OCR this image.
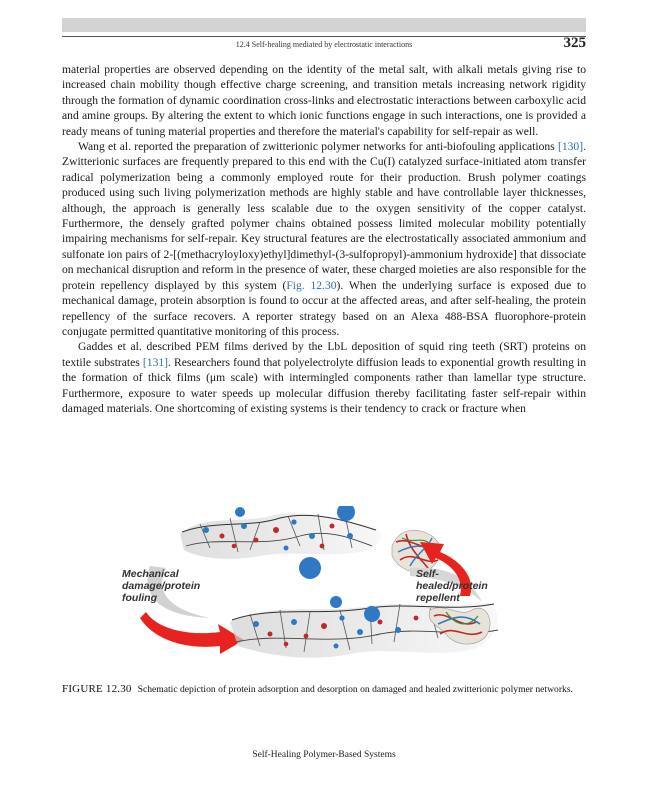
12.4 Self-healing mediated by electrostatic interactions	325

material properties are observed depending on the identity of the metal salt, with alkali metals giving rise to increased chain mobility though effective charge screening, and transition metals increasing network rigidity through the formation of dynamic coordination cross-links and electrostatic interactions between carboxylic acid and amine groups. By altering the extent to which ionic functions engage in such interactions, one is provided a ready means of tuning material properties and therefore the material's capability for self-repair as well.

Wang et al. reported the preparation of zwitterionic polymer networks for anti-biofouling applications [130]. Zwitterionic surfaces are frequently prepared to this end with the Cu(I) catalyzed surface-initiated atom transfer radical polymerization being a commonly employed route for their production. Brush polymer coatings produced using such living polymerization methods are highly stable and have controllable layer thicknesses, although, the approach is generally less scalable due to the oxygen sensitivity of the copper catalyst. Furthermore, the densely grafted polymer chains obtained possess limited molecular mobility potentially impairing mechanisms for self-repair. Key structural features are the electrostatically associated ammonium and sulfonate ion pairs of 2-[(methacryloyloxy)ethyl]dimethyl-(3-sulfopropyl)-ammonium hydroxide] that dissociate on mechanical disruption and reform in the presence of water, these charged moieties are also responsible for the protein repellency displayed by this system (Fig. 12.30). When the underlying surface is exposed due to mechanical damage, protein absorption is found to occur at the affected areas, and after self-healing, the protein repellency of the surface recovers. A reporter strategy based on an Alexa 488-BSA fluorophore-protein conjugate permitted quantitative monitoring of this process.

Gaddes et al. described PEM films derived by the LbL deposition of squid ring teeth (SRT) proteins on textile substrates [131]. Researchers found that polyelectrolyte diffusion leads to exponential growth resulting in the formation of thick films (μm scale) with intermingled components rather than lamellar type structure. Furthermore, exposure to water speeds up molecular diffusion thereby facilitating faster self-repair within damaged materials. One shortcoming of existing systems is their tendency to crack or fracture when

Mechanical
damage/protein
fouling
Self-
healed/protein
repellent
FIGURE 12.30 Schematic depiction of protein adsorption and desorption on damaged and healed zwitterionic polymer networks.
Self-Healing Polymer-Based Systems
